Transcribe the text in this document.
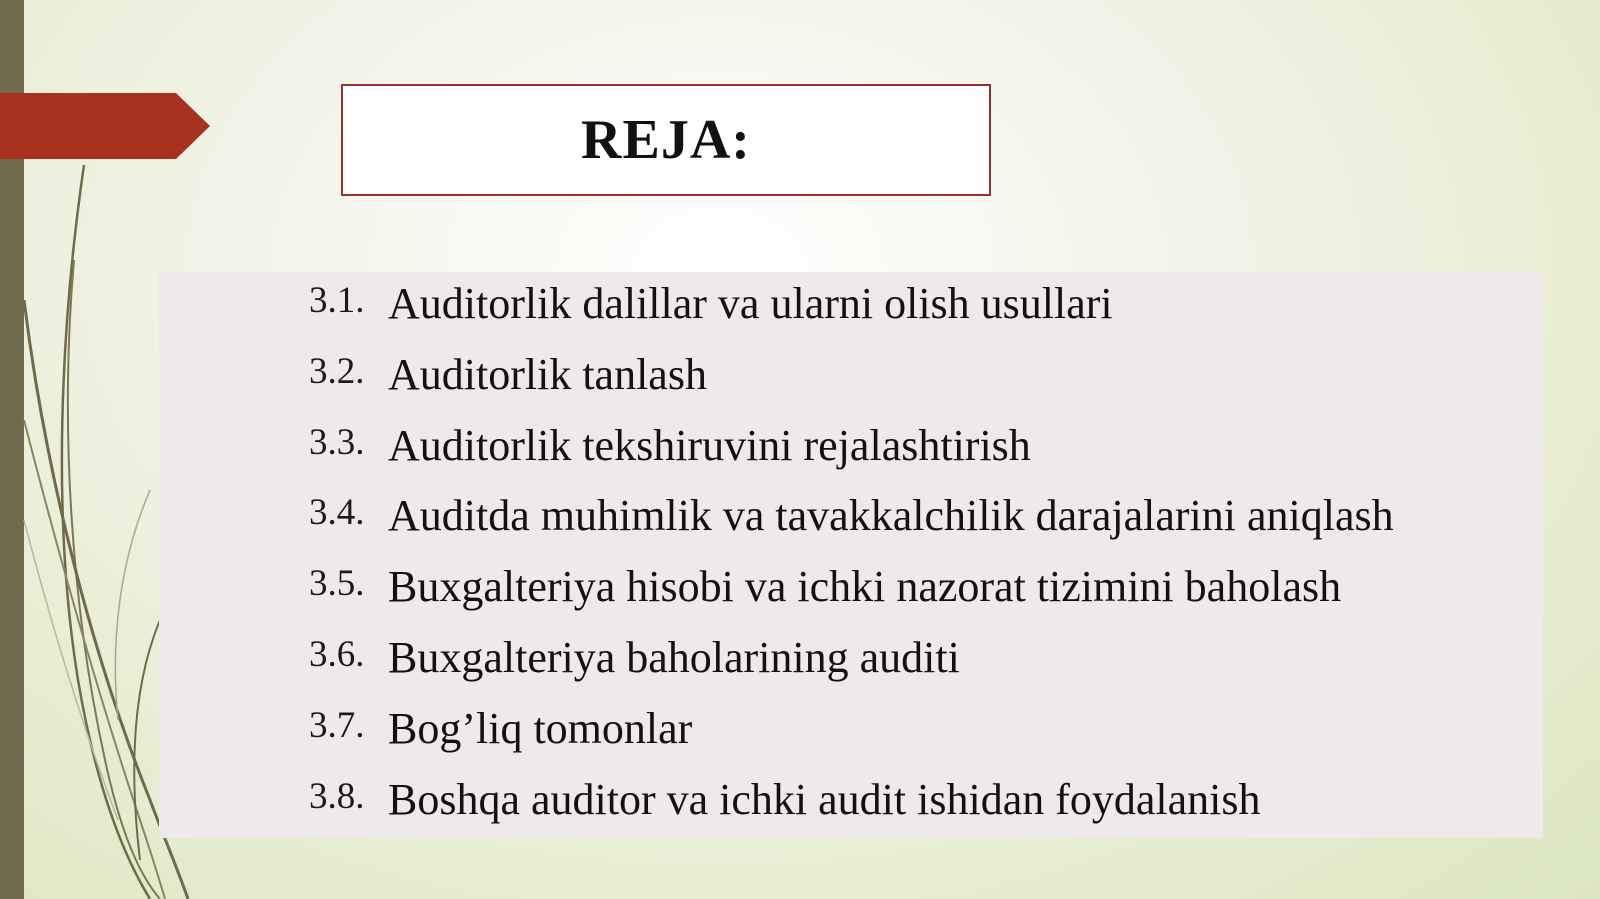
REJA:
3.1. Auditorlik dalillar va ularni olish usullari
3.2. Auditorlik tanlash
3.3. Auditorlik tekshiruvini rejalashtirish
3.4. Auditda muhimlik va tavakkalchilik darajalarini aniqlash
3.5. Buxgalteriya hisobi va ichki nazorat tizimini baholash
3.6. Buxgalteriya baholarining auditi
3.7. Bog’liq tomonlar
3.8. Boshqa auditor va ichki audit ishidan foydalanish
